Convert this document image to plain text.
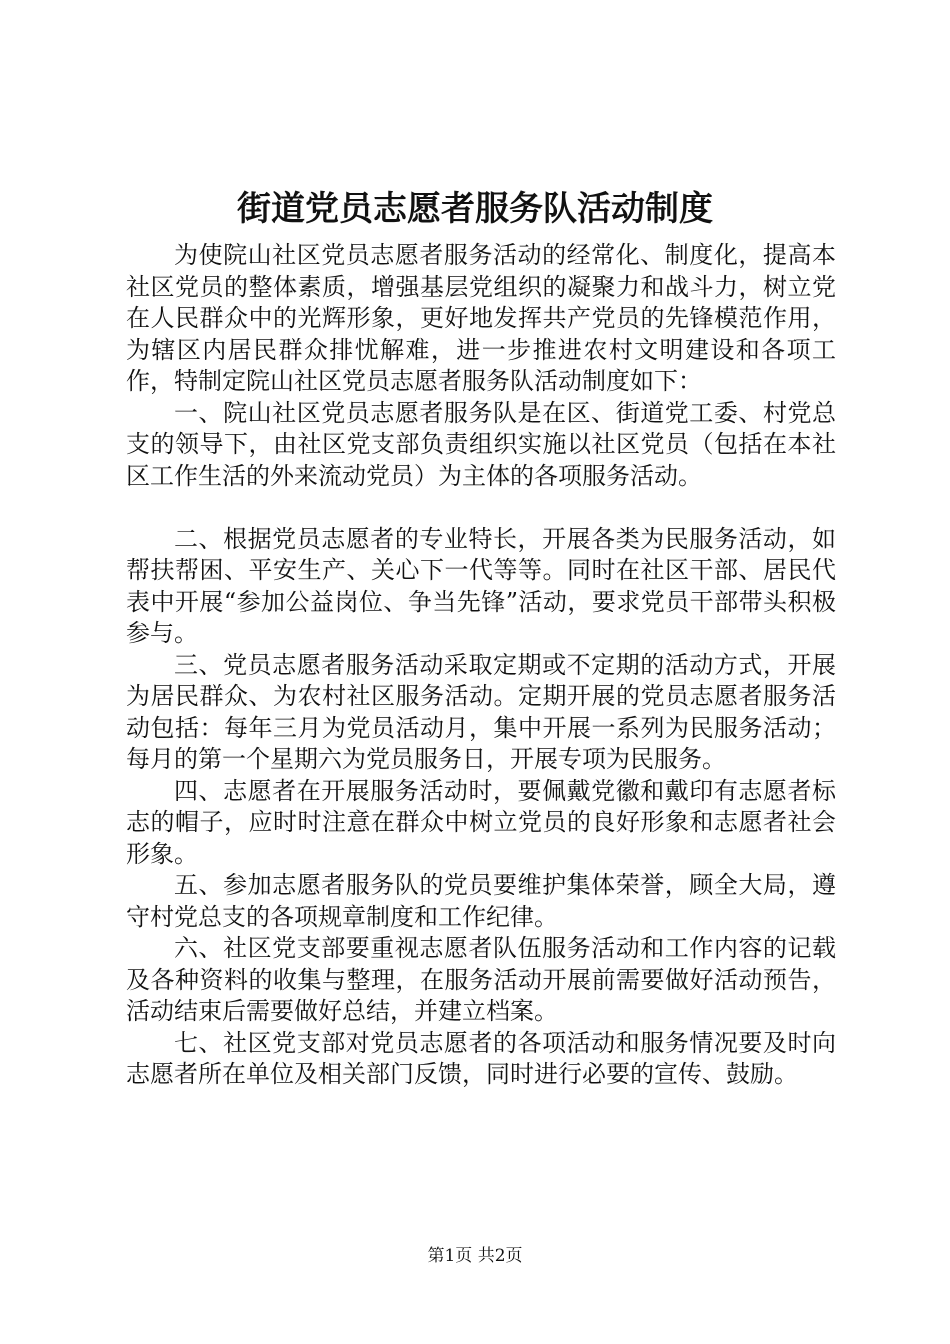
街道党员志愿者服务队活动制度

为使院山社区党员志愿者服务活动的经常化、制度化，提高本社区党员的整体素质，增强基层党组织的凝聚力和战斗力，树立党在人民群众中的光辉形象，更好地发挥共产党员的先锋模范作用，为辖区内居民群众排忧解难，进一步推进农村文明建设和各项工作，特制定院山社区党员志愿者服务队活动制度如下：

一、院山社区党员志愿者服务队是在区、街道党工委、村党总支的领导下，由社区党支部负责组织实施以社区党员（包括在本社区工作生活的外来流动党员）为主体的各项服务活动。

二、根据党员志愿者的专业特长，开展各类为民服务活动，如帮扶帮困、平安生产、关心下一代等等。同时在社区干部、居民代表中开展“参加公益岗位、争当先锋”活动，要求党员干部带头积极参与。

三、党员志愿者服务活动采取定期或不定期的活动方式，开展为居民群众、为农村社区服务活动。定期开展的党员志愿者服务活动包括：每年三月为党员活动月，集中开展一系列为民服务活动；每月的第一个星期六为党员服务日，开展专项为民服务。

四、志愿者在开展服务活动时，要佩戴党徽和戴印有志愿者标志的帽子，应时时注意在群众中树立党员的良好形象和志愿者社会形象。

五、参加志愿者服务队的党员要维护集体荣誉，顾全大局，遵守村党总支的各项规章制度和工作纪律。

六、社区党支部要重视志愿者队伍服务活动和工作内容的记载及各种资料的收集与整理，在服务活动开展前需要做好活动预告，活动结束后需要做好总结，并建立档案。

七、社区党支部对党员志愿者的各项活动和服务情况要及时向志愿者所在单位及相关部门反馈，同时进行必要的宣传、鼓励。

第1页 共2页
